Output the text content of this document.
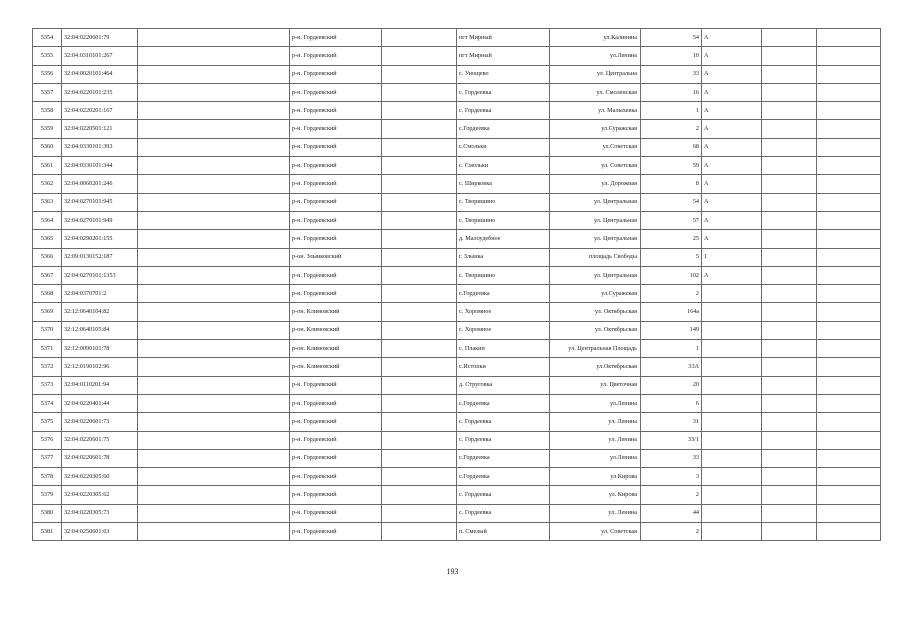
5354	32:04:0220601:79		р-н. Гордеевский		пгт Мирный	ул.Калинина	54	А		
5355	32:04:0310101:267		р-н. Гордеевский		пгт Мирный	ул.Ленина	10	А		
5356	32:04:0020101:464		р-н. Гордеевский		с. Унощево	ул. Центральна	33	А		
5357	32:04:0220101:235		р-н. Гордеевский		с. Гордеевка	ул. Смоленская	16	А		
5358	32:04:0220201:167		р-н. Гордеевский		с. Гордеевка	ул. Малыхевка	1	А		
5359	32:04:0220501:121		р-н. Гордеевский		с.Гордеевка	ул.Суражская	2	А		
5360	32:04:0330101:393		р-н. Гордеевский		с.Смольки	ул.Советская	68	А		
5361	32:04:0330101:344		р-н. Гордеевский		с. Смольки	ул. Советская	59	А		
5362	32:04:0060201:246		р-н. Гордеевский		с. Ширковка	ул. Дорожная	8	А		
5363	32:04:0270101:945		р-н. Гордеевский		с. Творишино	ул. Центральная	54	А		
5364	32:04:0270101:949		р-н. Гордеевский		с. Творишино	ул. Центральная	57	А		
5365	32:04:0290201:155		р-н. Гордеевский		д. Малоудебное	ул. Центральная	25	А		
5366	32:09:0130152:187		р-он. Злынковский		г. Злынка	площадь Свободы	5	1		
5367	32:04:0270101:1353		р-н. Гордеевский		с. Творишино	ул. Центральная	102	А		
5368	32:04:0370701:2		р-н. Гордеевский		с.Гордеевка	ул.Суражская	2			
5369	32:12:0640104:82		р-он. Климовский		с. Хоромное	ул. Октябрьская	164а			
5370	32:12:0640105:84		р-он. Климовский		с. Хоромное	ул. Октябрьская	149			
5371	32:12:0090101:78		р-он. Климовский		с. Плакин	ул. Центральная Площадь	1			
5372	32:12:0190102:96		р-он. Климовский		с.Истопки	ул.Октябрьская	33А			
5373	32:04:0110201:94		р-н. Гордеевский		д. Струговка	ул. Цветочная	20			
5374	32:04:0220401:44		р-н. Гордеевский		с.Гордеевка	ул.Ленина	6			
5375	32:04:0220601:73		р-н. Гордеевский		с. Гордеевка	ул. Ленина	31			
5376	32:04:0220601:75		р-н. Гордеевский		с. Гордеевка	ул. Ленина	33/1			
5377	32:04:0220601:78		р-н. Гордеевский		с.Гордеевка	ул.Ленина	33			
5378	32:04:0220305:60		р-н. Гордеевский		с.Гордеевка	ул.Кирова	3			
5379	32:04:0220305:62		р-н. Гордеевский		с. Гордеевка	ул. Кирова	2			
5380	32:04:0220305:73		р-н. Гордеевский		с. Гордеевка	ул. Ленина	44			
5381	32:04:0250601:63		р-н. Гордеевский		п. Смелый	ул. Советская	2			
193
